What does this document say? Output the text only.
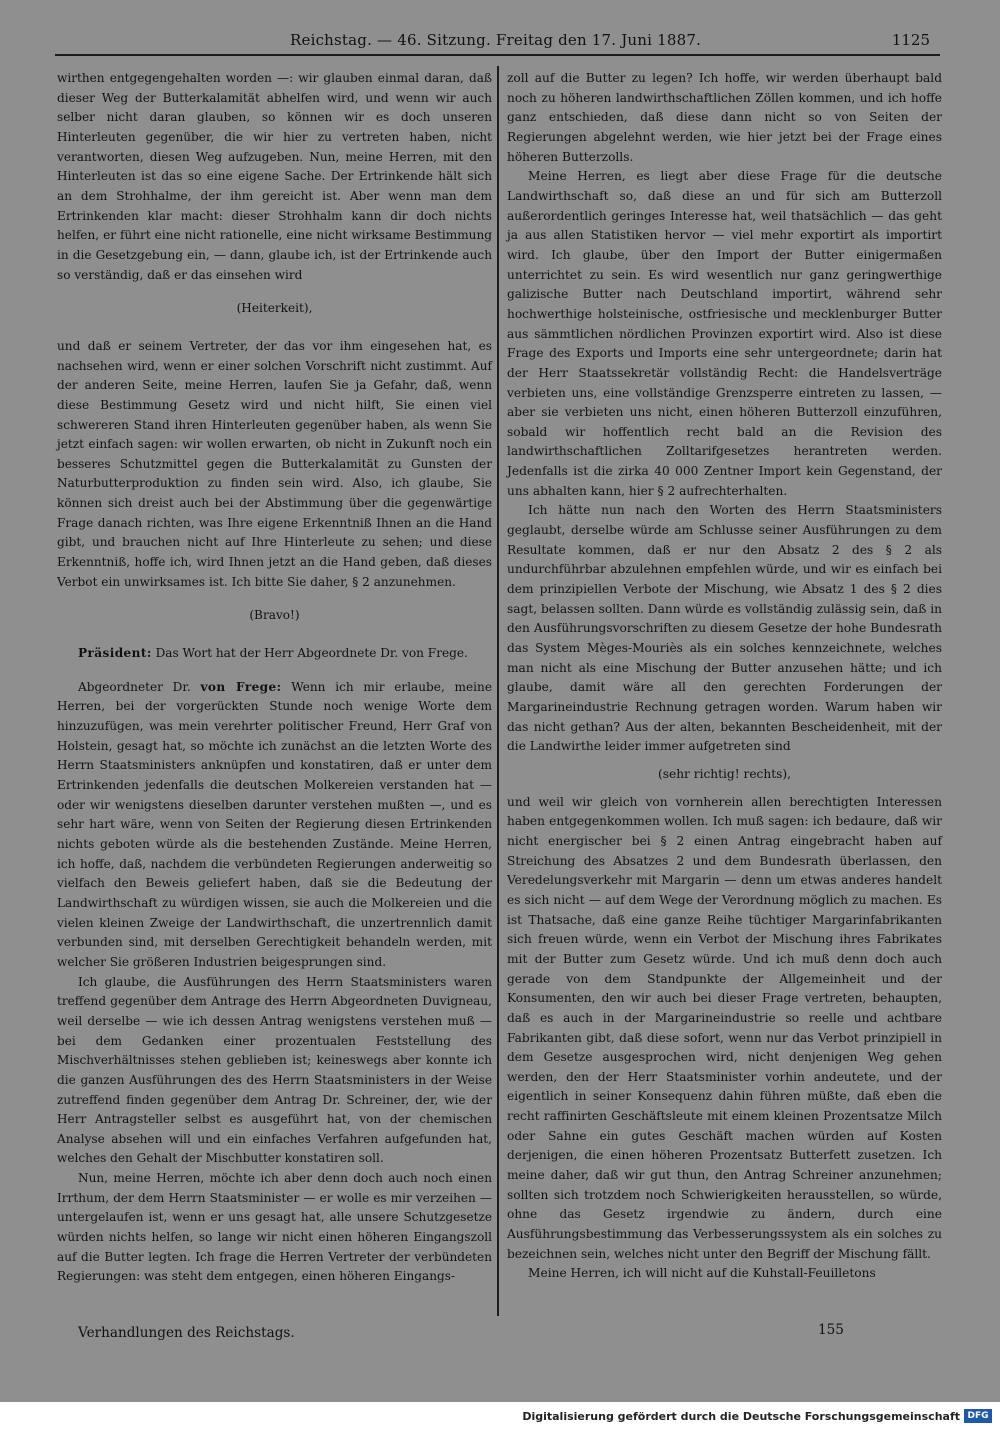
Reichstag. — 46. Sitzung. Freitag den 17. Juni 1887.	1125

wirthen entgegengehalten worden —: wir glauben einmal daran, daß dieser Weg der Butterkalamität abhelfen wird, und wenn wir auch selber nicht daran glauben, so können wir es doch unseren Hinterleuten gegenüber, die wir hier zu vertreten haben, nicht verantworten, diesen Weg aufzugeben. Nun, meine Herren, mit den Hinterleuten ist das so eine eigene Sache. Der Ertrinkende hält sich an dem Strohhalme, der ihm gereicht ist. Aber wenn man dem Ertrinkenden klar macht: dieser Strohhalm kann dir doch nichts helfen, er führt eine nicht rationelle, eine nicht wirksame Bestimmung in die Gesetzgebung ein, — dann, glaube ich, ist der Ertrinkende auch so verständig, daß er das einsehen wird

(Heiterkeit),

und daß er seinem Vertreter, der das vor ihm eingesehen hat, es nachsehen wird, wenn er einer solchen Vorschrift nicht zustimmt. Auf der anderen Seite, meine Herren, laufen Sie ja Gefahr, daß, wenn diese Bestimmung Gesetz wird und nicht hilft, Sie einen viel schwereren Stand ihren Hinterleuten gegenüber haben, als wenn Sie jetzt einfach sagen: wir wollen erwarten, ob nicht in Zukunft noch ein besseres Schutzmittel gegen die Butterkalamität zu Gunsten der Naturbutterproduktion zu finden sein wird. Also, ich glaube, Sie können sich dreist auch bei der Abstimmung über die gegenwärtige Frage danach richten, was Ihre eigene Erkenntniß Ihnen an die Hand gibt, und brauchen nicht auf Ihre Hinterleute zu sehen; und diese Erkenntniß, hoffe ich, wird Ihnen jetzt an die Hand geben, daß dieses Verbot ein unwirksames ist. Ich bitte Sie daher, § 2 anzunehmen.

(Bravo!)

Präsident: Das Wort hat der Herr Abgeordnete Dr. von Frege.

Abgeordneter Dr. von Frege: Wenn ich mir erlaube, meine Herren, bei der vorgerückten Stunde noch wenige Worte dem hinzuzufügen, was mein verehrter politischer Freund, Herr Graf von Holstein, gesagt hat, so möchte ich zunächst an die letzten Worte des Herrn Staatsministers anknüpfen und konstatiren, daß er unter dem Ertrinkenden jedenfalls die deutschen Molkereien verstanden hat — oder wir wenigstens dieselben darunter verstehen mußten —, und es sehr hart wäre, wenn von Seiten der Regierung diesen Ertrinkenden nichts geboten würde als die bestehenden Zustände. Meine Herren, ich hoffe, daß, nachdem die verbündeten Regierungen anderweitig so vielfach den Beweis geliefert haben, daß sie die Bedeutung der Landwirthschaft zu würdigen wissen, sie auch die Molkereien und die vielen kleinen Zweige der Landwirthschaft, die unzertrennlich damit verbunden sind, mit derselben Gerechtigkeit behandeln werden, mit welcher Sie größeren Industrien beigesprungen sind.

Ich glaube, die Ausführungen des Herrn Staatsministers waren treffend gegenüber dem Antrage des Herrn Abgeordneten Duvigneau, weil derselbe — wie ich dessen Antrag wenigstens verstehen muß — bei dem Gedanken einer prozentualen Feststellung des Mischverhältnisses stehen geblieben ist; keineswegs aber konnte ich die ganzen Ausführungen des des Herrn Staatsministers in der Weise zutreffend finden gegenüber dem Antrag Dr. Schreiner, der, wie der Herr Antragsteller selbst es ausgeführt hat, von der chemischen Analyse absehen will und ein einfaches Verfahren aufgefunden hat, welches den Gehalt der Mischbutter konstatiren soll.

Nun, meine Herren, möchte ich aber denn doch auch noch einen Irrthum, der dem Herrn Staatsminister — er wolle es mir verzeihen — untergelaufen ist, wenn er uns gesagt hat, alle unsere Schutzgesetze würden nichts helfen, so lange wir nicht einen höheren Eingangszoll auf die Butter legten. Ich frage die Herren Vertreter der verbündeten Regierungen: was steht dem entgegen, einen höheren Eingangs-

zoll auf die Butter zu legen? Ich hoffe, wir werden überhaupt bald noch zu höheren landwirthschaftlichen Zöllen kommen, und ich hoffe ganz entschieden, daß diese dann nicht so von Seiten der Regierungen abgelehnt werden, wie hier jetzt bei der Frage eines höheren Butterzolls.

Meine Herren, es liegt aber diese Frage für die deutsche Landwirthschaft so, daß diese an und für sich am Butterzoll außerordentlich geringes Interesse hat, weil thatsächlich — das geht ja aus allen Statistiken hervor — viel mehr exportirt als importirt wird. Ich glaube, über den Import der Butter einigermaßen unterrichtet zu sein. Es wird wesentlich nur ganz geringwerthige galizische Butter nach Deutschland importirt, während sehr hochwerthige holsteinische, ostfriesische und mecklenburger Butter aus sämmtlichen nördlichen Provinzen exportirt wird. Also ist diese Frage des Exports und Imports eine sehr untergeordnete; darin hat der Herr Staatssekretär vollständig Recht: die Handelsverträge verbieten uns, eine vollständige Grenzsperre eintreten zu lassen, — aber sie verbieten uns nicht, einen höheren Butterzoll einzuführen, sobald wir hoffentlich recht bald an die Revision des landwirthschaftlichen Zolltarifgesetzes herantreten werden. Jedenfalls ist die zirka 40 000 Zentner Import kein Gegenstand, der uns abhalten kann, hier § 2 aufrechterhalten.

Ich hätte nun nach den Worten des Herrn Staatsministers geglaubt, derselbe würde am Schlusse seiner Ausführungen zu dem Resultate kommen, daß er nur den Absatz 2 des § 2 als undurchführbar abzulehnen empfehlen würde, und wir es einfach bei dem prinzipiellen Verbote der Mischung, wie Absatz 1 des § 2 dies sagt, belassen sollten. Dann würde es vollständig zulässig sein, daß in den Ausführungsvorschriften zu diesem Gesetze der hohe Bundesrath das System Mèges-Mouriès als ein solches kennzeichnete, welches man nicht als eine Mischung der Butter anzusehen hätte; und ich glaube, damit wäre all den gerechten Forderungen der Margarineindustrie Rechnung getragen worden. Warum haben wir das nicht gethan? Aus der alten, bekannten Bescheidenheit, mit der die Landwirthe leider immer aufgetreten sind

(sehr richtig! rechts),

und weil wir gleich von vornherein allen berechtigten Interessen haben entgegenkommen wollen. Ich muß sagen: ich bedaure, daß wir nicht energischer bei § 2 einen Antrag eingebracht haben auf Streichung des Absatzes 2 und dem Bundesrath überlassen, den Veredelungsverkehr mit Margarin — denn um etwas anderes handelt es sich nicht — auf dem Wege der Verordnung möglich zu machen. Es ist Thatsache, daß eine ganze Reihe tüchtiger Margarinfabrikanten sich freuen würde, wenn ein Verbot der Mischung ihres Fabrikates mit der Butter zum Gesetz würde. Und ich muß denn doch auch gerade von dem Standpunkte der Allgemeinheit und der Konsumenten, den wir auch bei dieser Frage vertreten, behaupten, daß es auch in der Margarineindustrie so reelle und achtbare Fabrikanten gibt, daß diese sofort, wenn nur das Verbot prinzipiell in dem Gesetze ausgesprochen wird, nicht denjenigen Weg gehen werden, den der Herr Staatsminister vorhin andeutete, und der eigentlich in seiner Konsequenz dahin führen müßte, daß eben die recht raffinirten Geschäftsleute mit einem kleinen Prozentsatze Milch oder Sahne ein gutes Geschäft machen würden auf Kosten derjenigen, die einen höheren Prozentsatz Butterfett zusetzen. Ich meine daher, daß wir gut thun, den Antrag Schreiner anzunehmen; sollten sich trotzdem noch Schwierigkeiten herausstellen, so würde, ohne das Gesetz irgendwie zu ändern, durch eine Ausführungsbestimmung das Verbesserungssystem als ein solches zu bezeichnen sein, welches nicht unter den Begriff der Mischung fällt.

Meine Herren, ich will nicht auf die Kuhstall-Feuilletons

Verhandlungen des Reichstags.	155
Digitalisierung gefördert durch die Deutsche Forschungsgemeinschaft DFG
